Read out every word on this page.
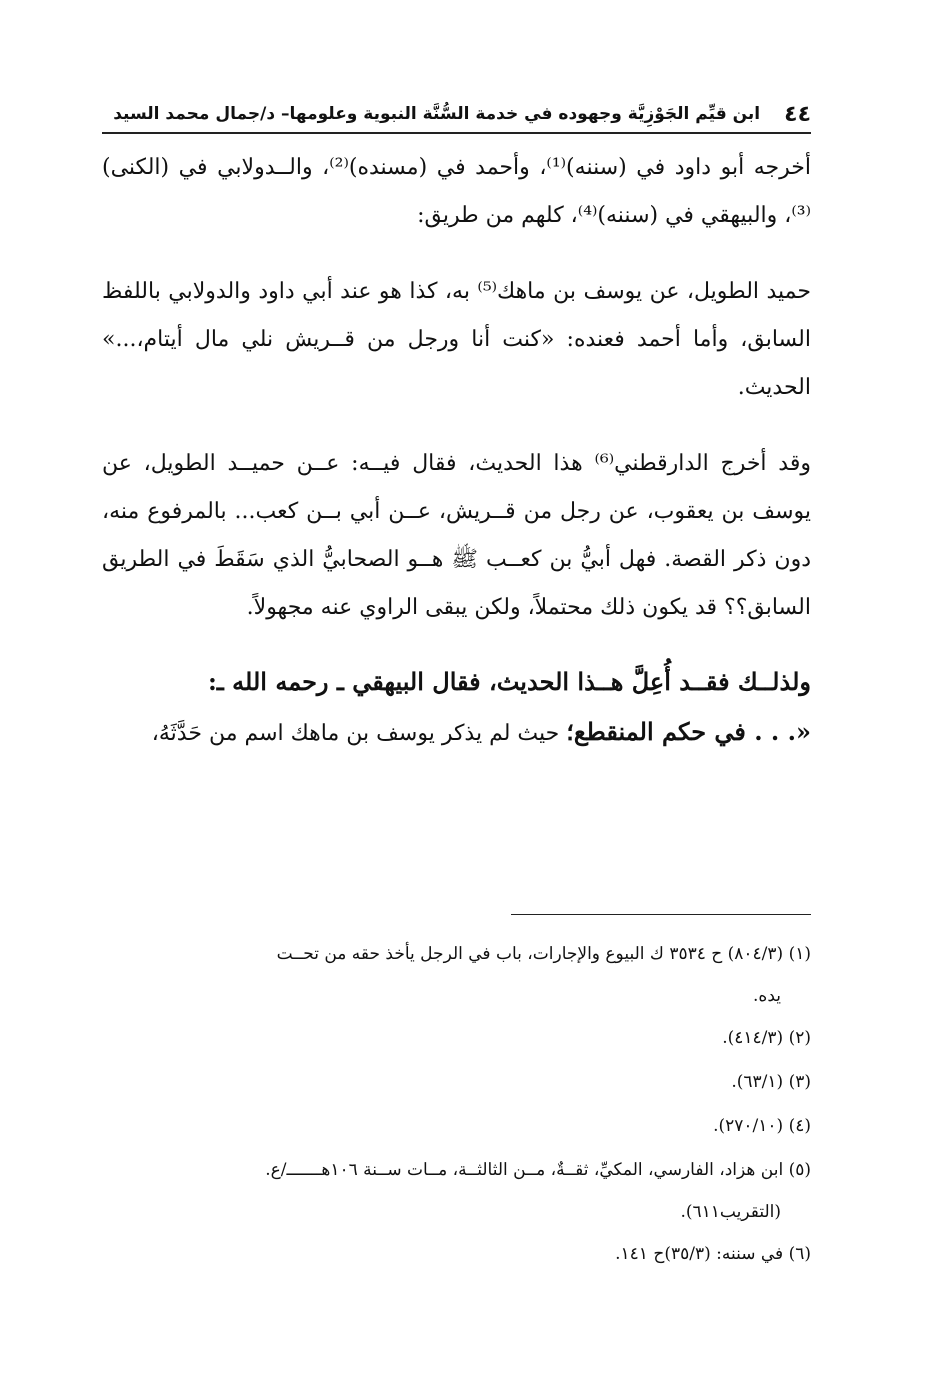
٤٤
ابن قيِّم الجَوْزِيَّة وجهوده في خدمة السُّنَّة النبوية وعلومها– د/جمال محمد السيد

أخرجه أبو داود في (سننه)⁽¹⁾، وأحمد في (مسنده)⁽²⁾، والــدولابي في (الكنى)⁽³⁾، والبيهقي في (سننه)⁽⁴⁾، كلهم من طريق:

حميد الطويل، عن يوسف بن ماهك⁽⁵⁾ به، كذا هو عند أبي داود والدولابي باللفظ السابق، وأما أحمد فعنده: «كنت أنا ورجل من قــريش نلي مال أيتام،...» الحديث.

وقد أخرج الدارقطني⁽⁶⁾ هذا الحديث، فقال فيــه: عــن حميــد الطويل، عن يوسف بن يعقوب، عن رجل من قــريش، عــن أبي بــن كعب... بالمرفوع منه، دون ذكر القصة. فهل أبيُّ بن كعــب ﷺ هــو الصحابيُّ الذي سَقَطَ في الطريق السابق؟؟ قد يكون ذلك محتملاً، ولكن يبقى الراوي عنه مجهولاً.

ولذلــك فقــد أُعِلَّ هــذا الحديث، فقال البيهقي ـ رحمه الله ـ:
«. . . في حكم المنقطع؛ حيث لم يذكر يوسف بن ماهك اسم من حَدَّثَهُ،

(١) (٨٠٤/٣) ح ٣٥٣٤ ك البيوع والإجارات، باب في الرجل يأخذ حقه من تحــت

يده.

(٢) (٤١٤/٣).

(٣) (٦٣/١).

(٤) (٢٧٠/١٠).

(٥) ابن هزاد، الفارسي، المكيِّ، ثقــةٌ، مــن الثالثــة، مــات ســنة ١٠٦هـــــــ/ع.

(التقريب٦١١).

(٦) في سننه: (٣٥/٣)ح ١٤١.
